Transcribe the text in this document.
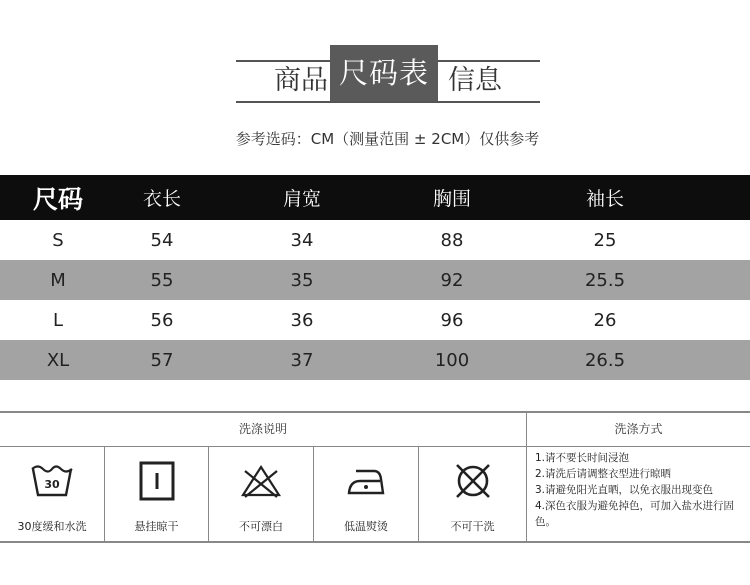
商品	信息
尺码表
参考选码：CM（测量范围 ± 2CM）仅供参考
尺码	衣长	肩宽	胸围	袖长
S	54	34	88	25
M	55	35	92	25.5
L	56	36	96	26
XL	57	37	100	26.5
洗涤说明	洗涤方式
30
30度缓和水洗	悬挂晾干	不可漂白	低温熨烫	不可干洗
1.请不要长时间浸泡
2.请洗后请调整衣型进行晾晒
3.请避免阳光直晒，以免衣服出现变色
4.深色衣服为避免掉色，可加入盐水进行固色。
